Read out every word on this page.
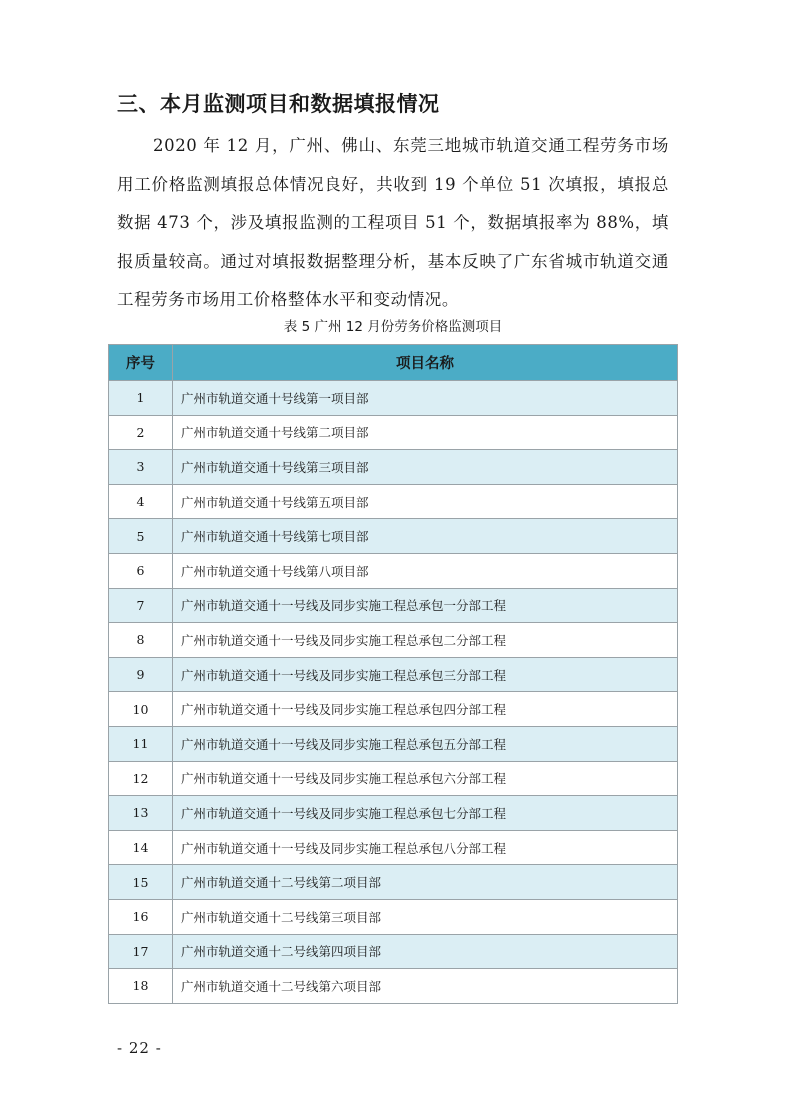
三、本月监测项目和数据填报情况

2020 年 12 月，广州、佛山、东莞三地城市轨道交通工程劳务市场用工价格监测填报总体情况良好，共收到 19 个单位 51 次填报，填报总数据 473 个，涉及填报监测的工程项目 51 个，数据填报率为 88%，填报质量较高。通过对填报数据整理分析，基本反映了广东省城市轨道交通工程劳务市场用工价格整体水平和变动情况。

表 5 广州 12 月份劳务价格监测项目

序号	项目名称
1	广州市轨道交通十号线第一项目部
2	广州市轨道交通十号线第二项目部
3	广州市轨道交通十号线第三项目部
4	广州市轨道交通十号线第五项目部
5	广州市轨道交通十号线第七项目部
6	广州市轨道交通十号线第八项目部
7	广州市轨道交通十一号线及同步实施工程总承包一分部工程
8	广州市轨道交通十一号线及同步实施工程总承包二分部工程
9	广州市轨道交通十一号线及同步实施工程总承包三分部工程
10	广州市轨道交通十一号线及同步实施工程总承包四分部工程
11	广州市轨道交通十一号线及同步实施工程总承包五分部工程
12	广州市轨道交通十一号线及同步实施工程总承包六分部工程
13	广州市轨道交通十一号线及同步实施工程总承包七分部工程
14	广州市轨道交通十一号线及同步实施工程总承包八分部工程
15	广州市轨道交通十二号线第二项目部
16	广州市轨道交通十二号线第三项目部
17	广州市轨道交通十二号线第四项目部
18	广州市轨道交通十二号线第六项目部

- 22 -
